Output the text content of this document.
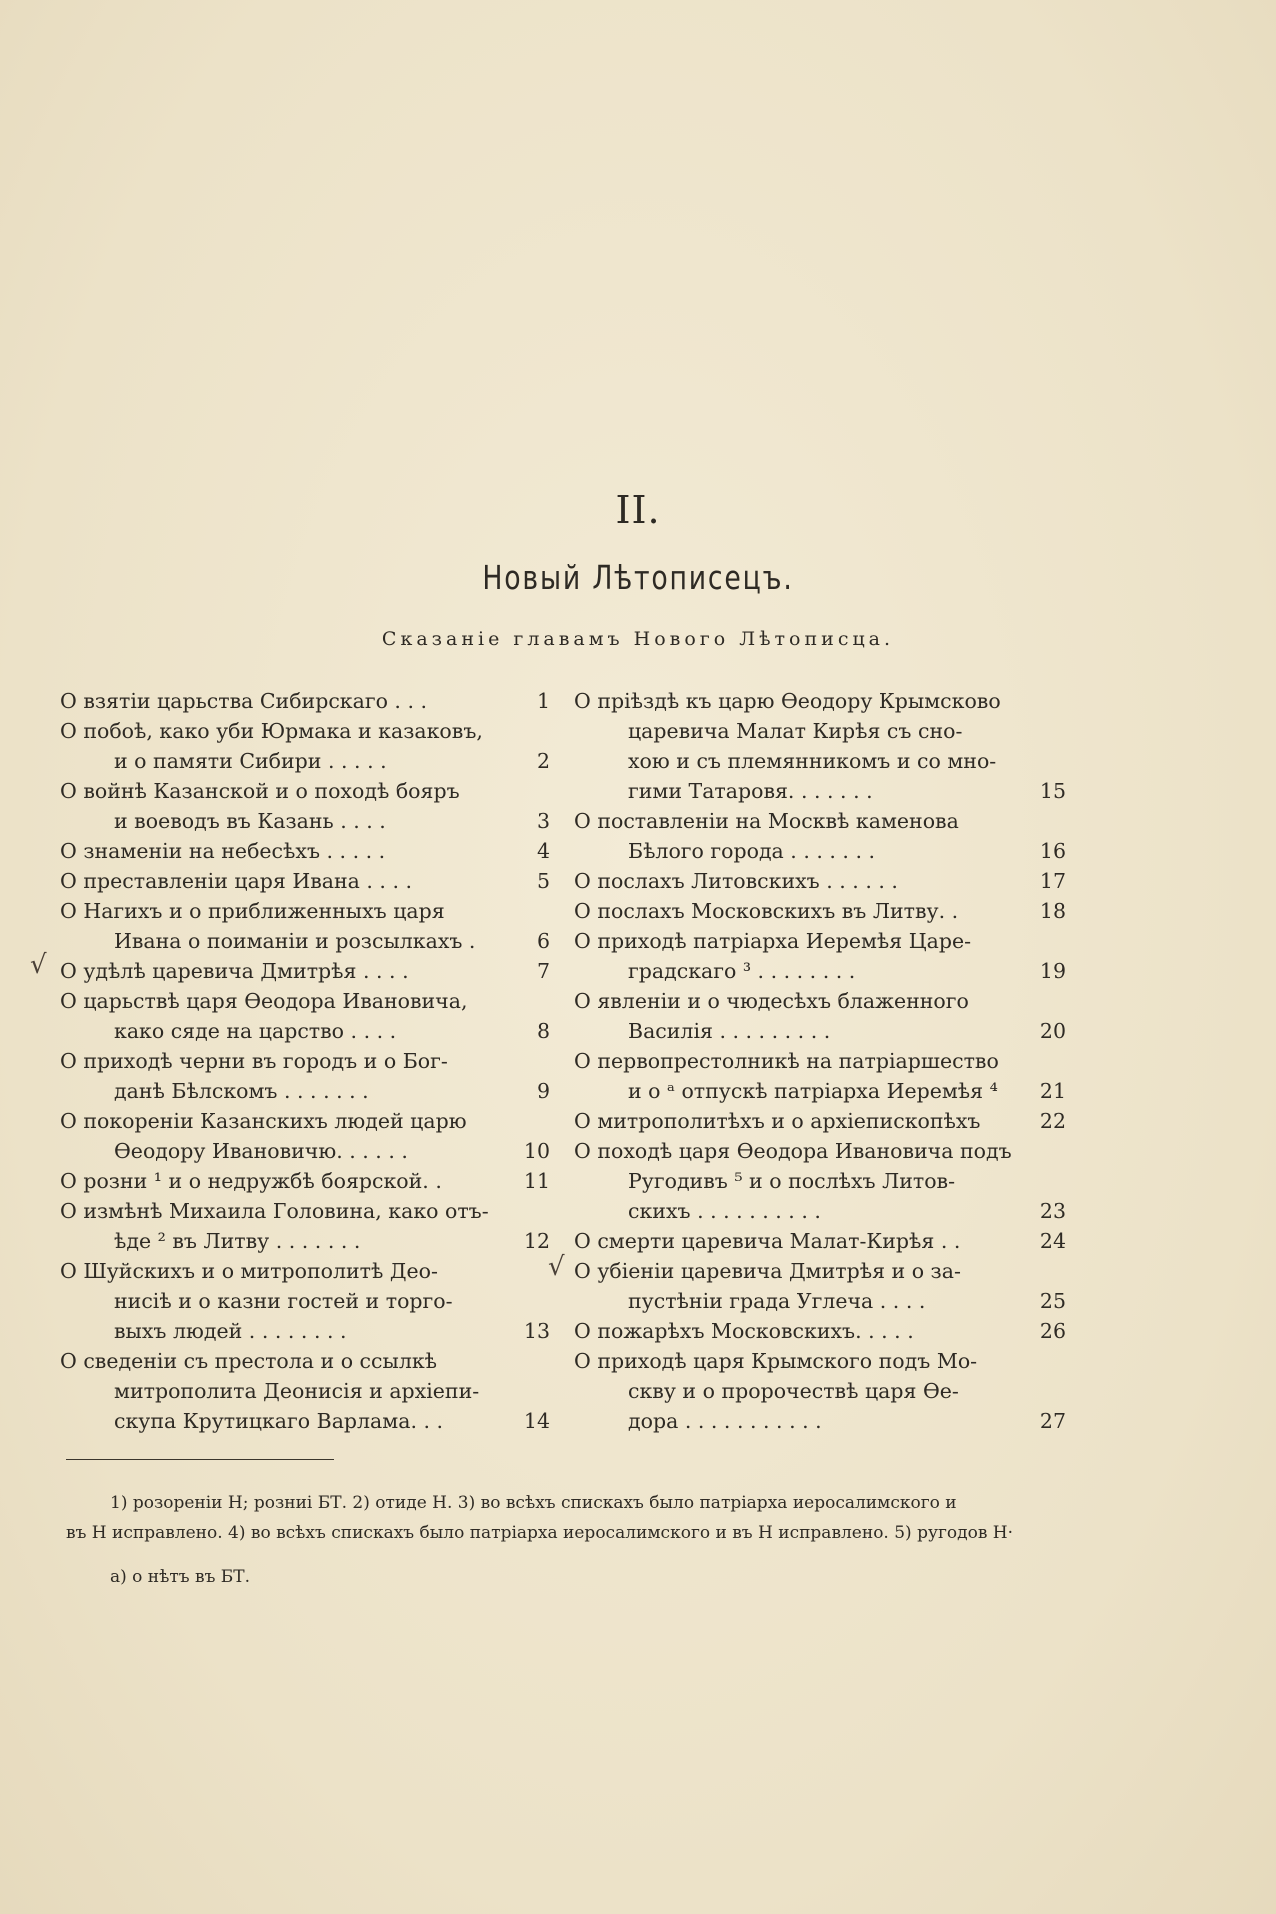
II.
Новый Лѣтописецъ.
Сказаніе главамъ Нового Лѣтописца.
О взятіи царьства Сибирскаго . . .	1
О побоѣ, како уби Юрмака и казаковъ,
и о памяти Сибири . . . . .	2
О войнѣ Казанской и о походѣ бояръ
и воеводъ въ Казань . . . .	3
О знаменіи на небесѣхъ . . . . .	4
О преставленіи царя Ивана . . . .	5
О Нагихъ и о приближенныхъ царя
Ивана о поиманіи и розсылкахъ .	6
О удѣлѣ царевича Дмитрѣя . . . .	7
О царьствѣ царя Ѳеодора Ивановича,
како сяде на царство . . . .	8
О приходѣ черни въ городъ и о Бог-
данѣ Бѣлскомъ . . . . . . .	9
О покореніи Казанскихъ людей царю
Ѳеодору Ивановичю. . . . . .	10
О розни ¹ и о недружбѣ боярской. .	11
О измѣнѣ Михаила Головина, како отъ-
ѣде ² въ Литву . . . . . . .	12
О Шуйскихъ и о митрополитѣ Део-
нисіѣ и о казни гостей и торго-
выхъ людей . . . . . . . .	13
О сведеніи съ престола и о ссылкѣ
митрополита Деонисія и архіепи-
скупа Крутицкаго Варлама. . .	14
О пріѣздѣ къ царю Ѳеодору Крымсково
царевича Малат Кирѣя съ сно-
хою и съ племянникомъ и со мно-
гими Татаровя. . . . . . .	15
О поставленіи на Москвѣ каменова
Бѣлого города . . . . . . .	16
О послахъ Литовскихъ . . . . . .	17
О послахъ Московскихъ въ Литву. .	18
О приходѣ патріарха Иеремѣя Царе-
градскаго ³ . . . . . . . .	19
О явленіи и о чюдесѣхъ блаженного
Василія . . . . . . . . .	20
О первопрестолникѣ на патріаршество
и о ᵃ отпускѣ патріарха Иеремѣя ⁴ 21
О митрополитѣхъ и о архіепископѣхъ	22
О походѣ царя Ѳеодора Ивановича подъ
Ругодивъ ⁵ и о послѣхъ Литов-
скихъ . . . . . . . . . .	23
О смерти царевича Малат-Кирѣя . .	24
О убіеніи царевича Дмитрѣя и о за-
пустѣніи града Углеча . . . .	25
О пожарѣхъ Московскихъ. . . . .	26
О приходѣ царя Крымского подъ Мо-
скву и о пророчествѣ царя Ѳе-
дора . . . . . . . . . . .	27
√
√
1) розореніи Н; розниі БТ. 2) отиде Н. 3) во всѣхъ спискахъ было патріарха иеросалимского и
въ Н исправлено. 4) во всѣхъ спискахъ было патріарха иеросалимского и въ Н исправлено. 5) ругодов Н·
а) о нѣтъ въ БТ.
